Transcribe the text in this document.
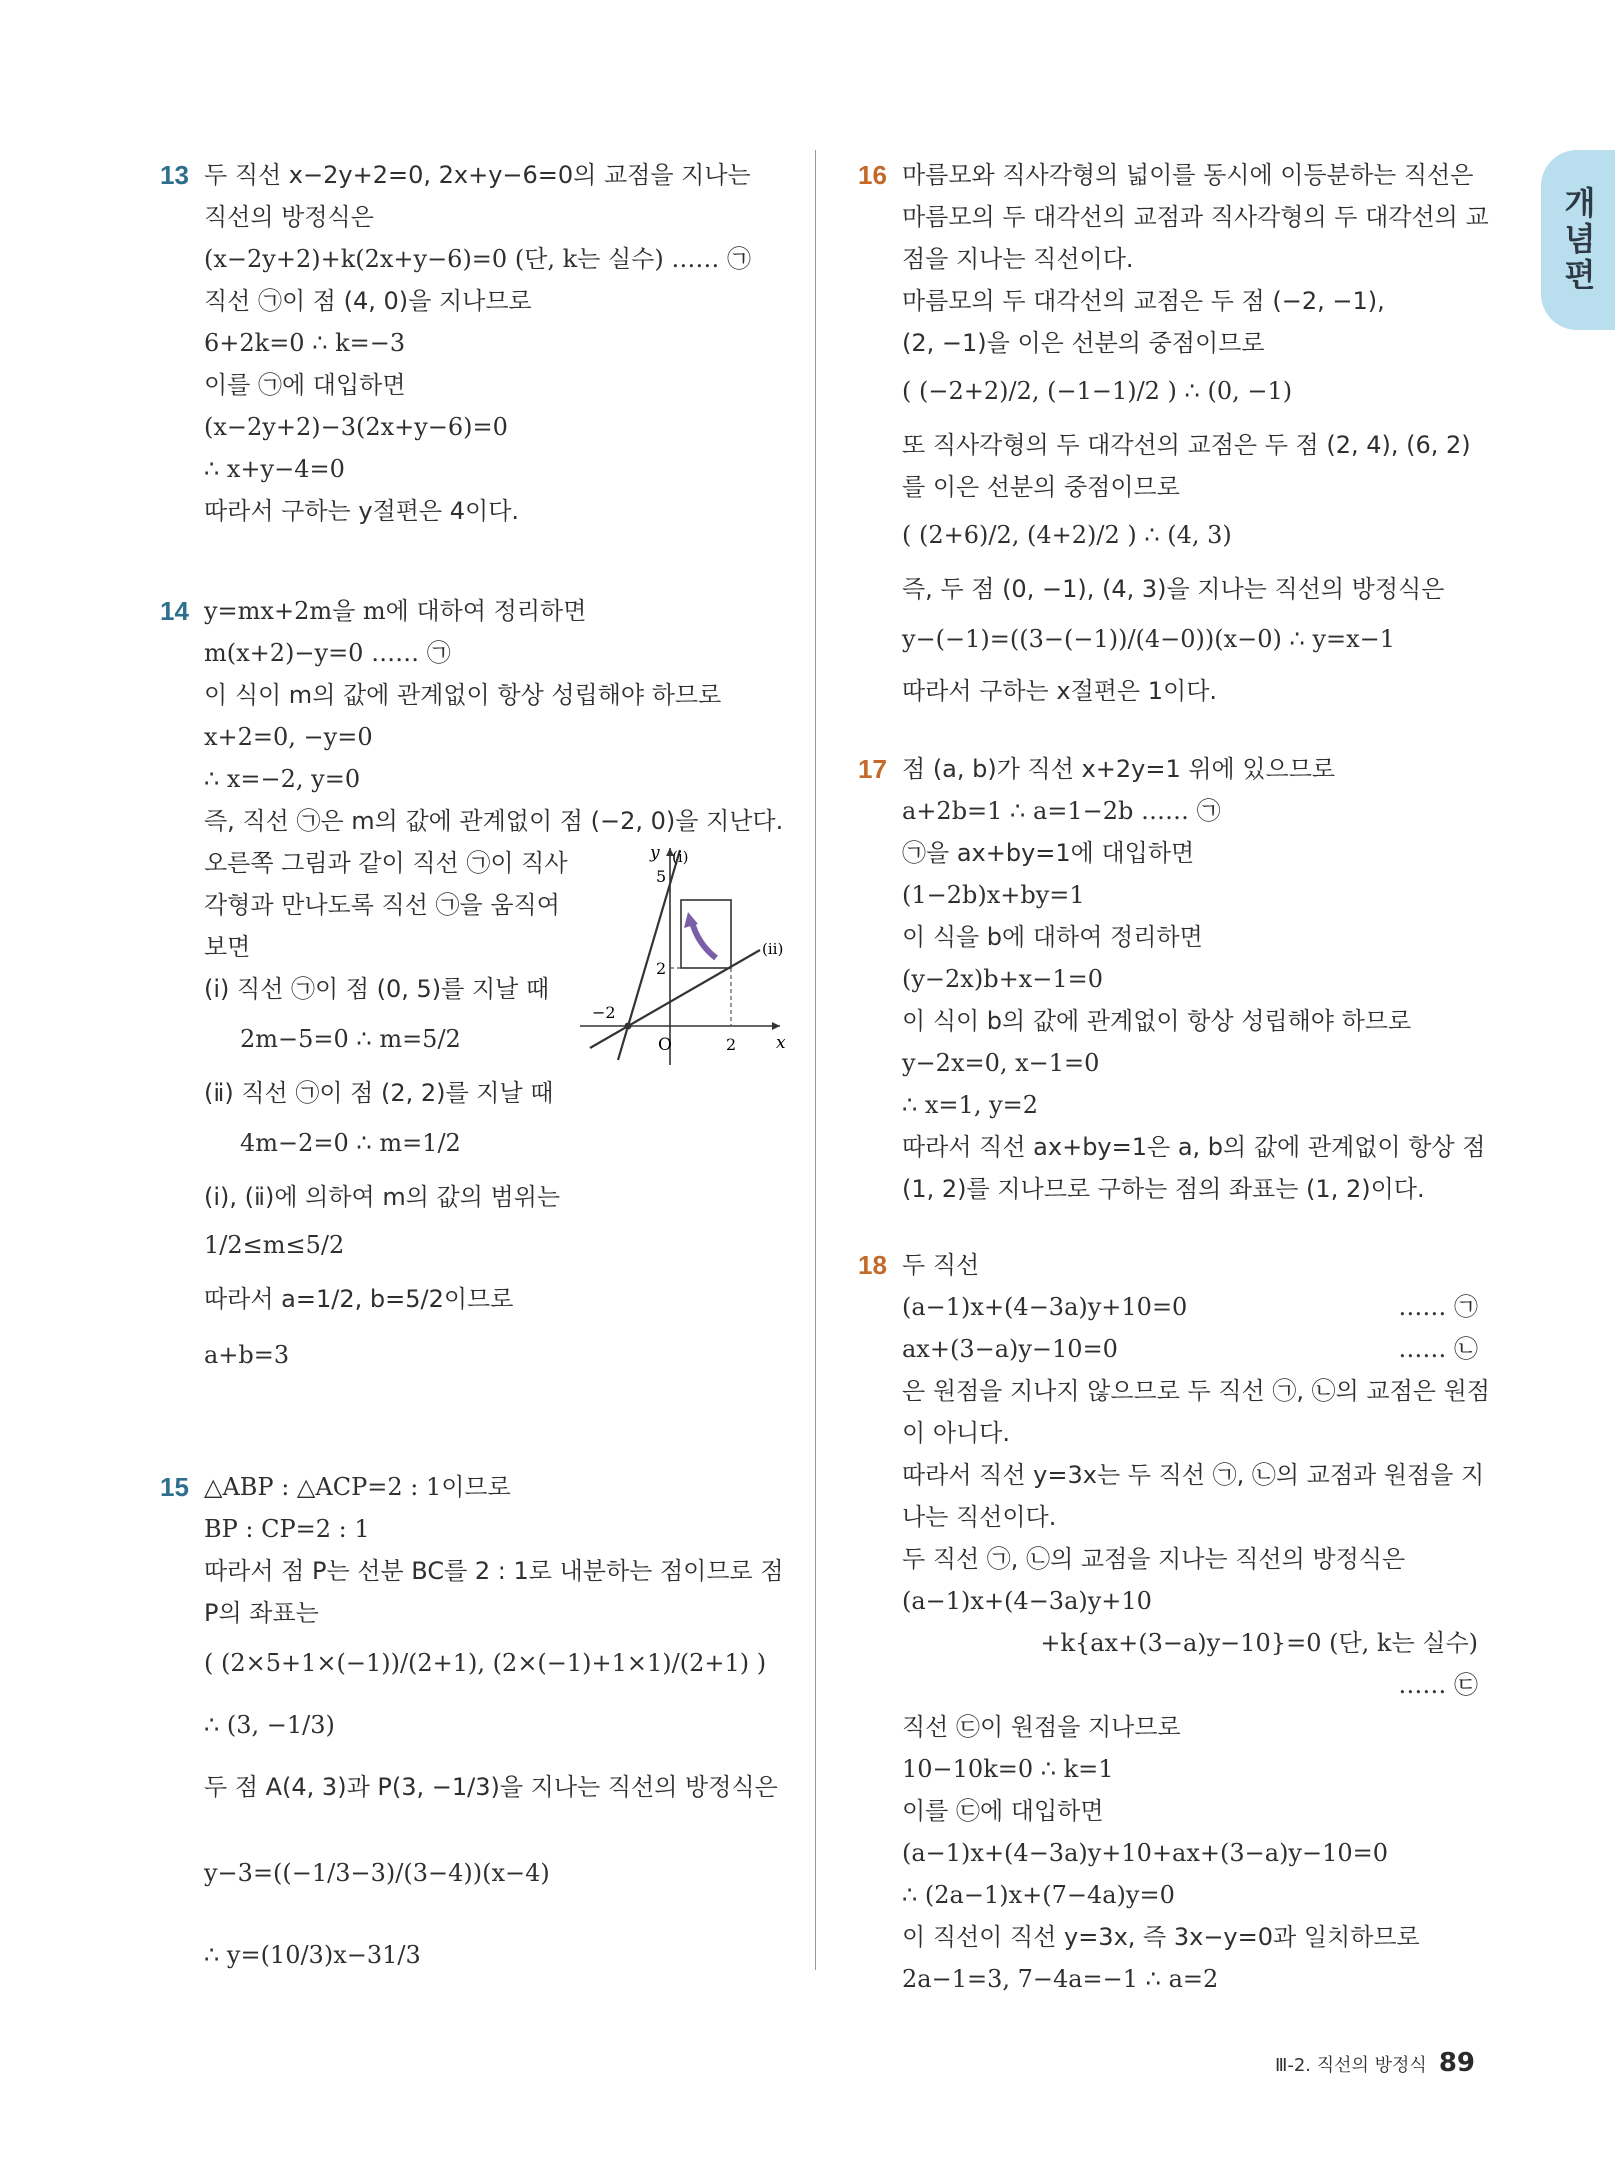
개념편
13 두 직선 x−2y+2=0, 2x+y−6=0의 교점을 지나는
직선의 방정식은
(x−2y+2)+k(2x+y−6)=0 (단, k는 실수) …… ㉠
직선 ㉠이 점 (4, 0)을 지나므로
6+2k=0 ∴ k=−3
이를 ㉠에 대입하면
(x−2y+2)−3(2x+y−6)=0
∴ x+y−4=0
따라서 구하는 y절편은 4이다.
14 y=mx+2m을 m에 대하여 정리하면
m(x+2)−y=0 …… ㉠
이 식이 m의 값에 관계없이 항상 성립해야 하므로
x+2=0, −y=0
∴ x=−2, y=0
즉, 직선 ㉠은 m의 값에 관계없이 점 (−2, 0)을 지난다.
오른쪽 그림과 같이 직선 ㉠이 직사
각형과 만나도록 직선 ㉠을 움직여
보면
(ⅰ) 직선 ㉠이 점 (0, 5)를 지날 때
2m−5=0 ∴ m=5/2
(ⅱ) 직선 ㉠이 점 (2, 2)를 지날 때
4m−2=0 ∴ m=1/2
(ⅰ), (ⅱ)에 의하여 m의 값의 범위는
1/2≤m≤5/2
따라서 a=1/2, b=5/2이므로
a+b=3
y (ⅰ)
(ⅱ)
x
O
−2
2
2
5
15 △ABP : △ACP=2 : 1이므로
BP : CP=2 : 1
따라서 점 P는 선분 BC를 2 : 1로 내분하는 점이므로 점
P의 좌표는
( (2×5+1×(−1))/(2+1), (2×(−1)+1×1)/(2+1) )
∴ (3, −1/3)
두 점 A(4, 3)과 P(3, −1/3)을 지나는 직선의 방정식은
y−3=((−1/3−3)/(3−4))(x−4)
∴ y=(10/3)x−31/3
16 마름모와 직사각형의 넓이를 동시에 이등분하는 직선은
마름모의 두 대각선의 교점과 직사각형의 두 대각선의 교
점을 지나는 직선이다.
마름모의 두 대각선의 교점은 두 점 (−2, −1),
(2, −1)을 이은 선분의 중점이므로
( (−2+2)/2, (−1−1)/2 ) ∴ (0, −1)
또 직사각형의 두 대각선의 교점은 두 점 (2, 4), (6, 2)
를 이은 선분의 중점이므로
( (2+6)/2, (4+2)/2 ) ∴ (4, 3)
즉, 두 점 (0, −1), (4, 3)을 지나는 직선의 방정식은
y−(−1)=((3−(−1))/(4−0))(x−0) ∴ y=x−1
따라서 구하는 x절편은 1이다.
17 점 (a, b)가 직선 x+2y=1 위에 있으므로
a+2b=1 ∴ a=1−2b …… ㉠
㉠을 ax+by=1에 대입하면
(1−2b)x+by=1
이 식을 b에 대하여 정리하면
(y−2x)b+x−1=0
이 식이 b의 값에 관계없이 항상 성립해야 하므로
y−2x=0, x−1=0
∴ x=1, y=2
따라서 직선 ax+by=1은 a, b의 값에 관계없이 항상 점
(1, 2)를 지나므로 구하는 점의 좌표는 (1, 2)이다.
18 두 직선
(a−1)x+(4−3a)y+10=0	…… ㉠
ax+(3−a)y−10=0	…… ㉡
은 원점을 지나지 않으므로 두 직선 ㉠, ㉡의 교점은 원점
이 아니다.
따라서 직선 y=3x는 두 직선 ㉠, ㉡의 교점과 원점을 지
나는 직선이다.
두 직선 ㉠, ㉡의 교점을 지나는 직선의 방정식은
(a−1)x+(4−3a)y+10
+k{ax+(3−a)y−10}=0 (단, k는 실수)
…… ㉢
직선 ㉢이 원점을 지나므로
10−10k=0 ∴ k=1
이를 ㉢에 대입하면
(a−1)x+(4−3a)y+10+ax+(3−a)y−10=0
∴ (2a−1)x+(7−4a)y=0
이 직선이 직선 y=3x, 즉 3x−y=0과 일치하므로
2a−1=3, 7−4a=−1 ∴ a=2
Ⅲ-2. 직선의 방정식 89
